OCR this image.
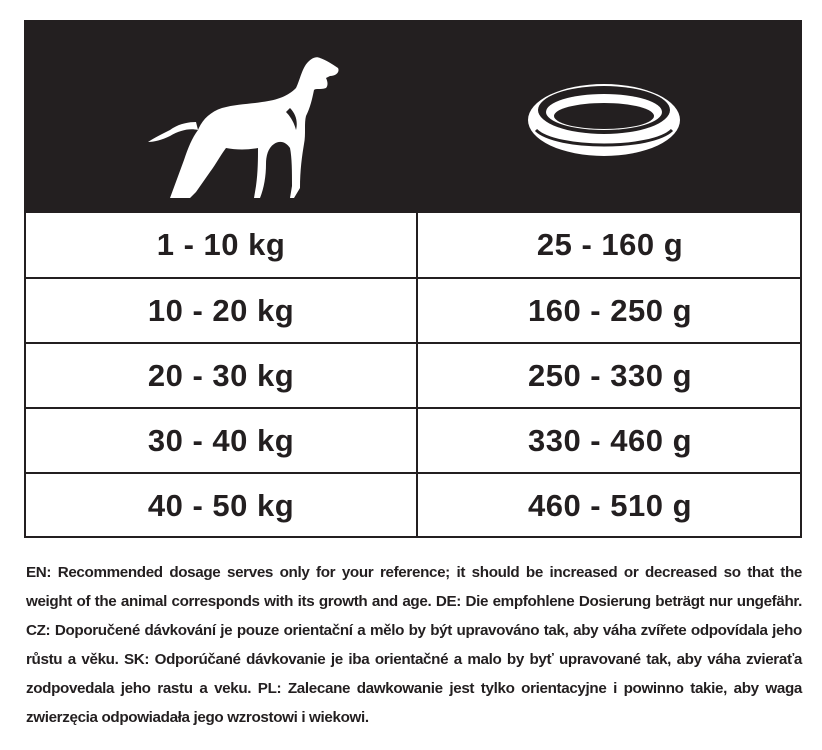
1 - 10 kg	25 - 160 g
10 - 20 kg	160 - 250 g
20 - 30 kg	250 - 330 g
30 - 40 kg	330 - 460 g
40 - 50 kg	460 - 510 g
EN: Recommended dosage serves only for your reference; it should be increased or decreased so that the weight of the animal corresponds with its growth and age. DE: Die empfohlene Dosierung beträgt nur ungefähr. CZ: Doporučené dávkování je pouze orientační a mělo by být upravováno tak, aby váha zvířete odpovídala jeho růstu a věku. SK: Odporúčané dávkovanie je iba orientačné a malo by byť upravované tak, aby váha zvieraťa zodpovedala jeho rastu a veku. PL: Zalecane dawkowanie jest tylko orientacyjne i powinno takie, aby waga zwierzęcia odpowiadała jego wzrostowi i wiekowi.
